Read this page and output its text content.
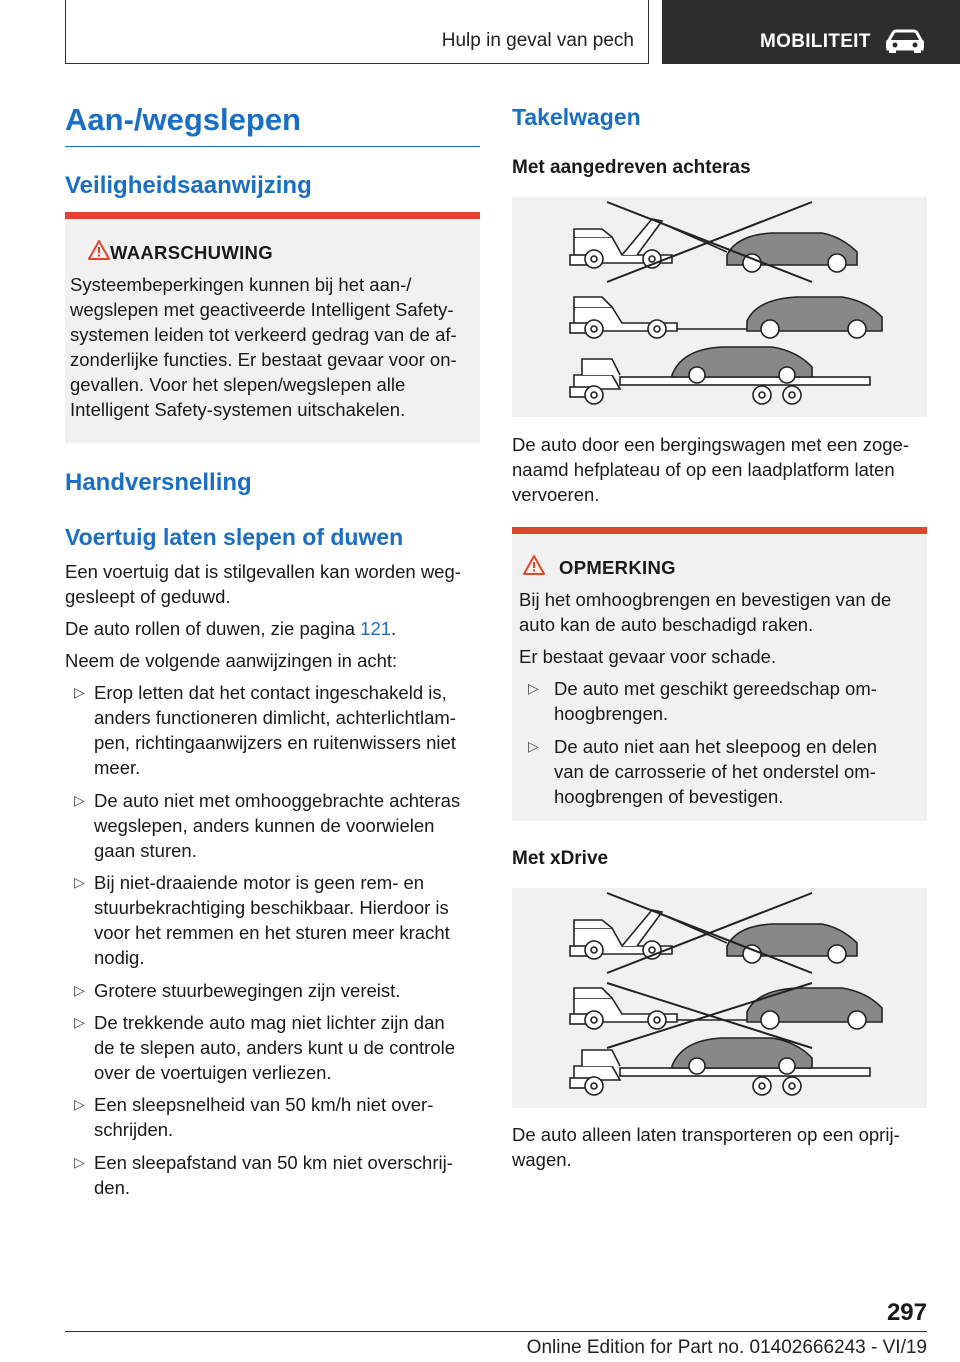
Hulp in geval van pech	MOBILITEIT
Aan-/wegslepen
Veiligheidsaanwijzing
WAARSCHUWING

Systeembeperkingen kunnen bij het aan-/

wegslepen met geactiveerde Intelligent Safety-

systemen leiden tot verkeerd gedrag van de af-

zonderlijke functies. Er bestaat gevaar voor on-

gevallen. Voor het slepen/wegslepen alle

Intelligent Safety-systemen uitschakelen.

Handversnelling
Voertuig laten slepen of duwen

Een voertuig dat is stilgevallen kan worden weg-

gesleept of geduwd.

De auto rollen of duwen, zie pagina 121.

Neem de volgende aanwijzingen in acht:

▷ Erop letten dat het contact ingeschakeld is,

anders functioneren dimlicht, achterlichtlam-

pen, richtingaanwijzers en ruitenwissers niet

meer.

▷ De auto niet met omhooggebrachte achteras

wegslepen, anders kunnen de voorwielen

gaan sturen.

▷ Bij niet-draaiende motor is geen rem- en

stuurbekrachtiging beschikbaar. Hierdoor is

voor het remmen en het sturen meer kracht

nodig.

▷ Grotere stuurbewegingen zijn vereist.

▷ De trekkende auto mag niet lichter zijn dan

de te slepen auto, anders kunt u de controle

over de voertuigen verliezen.

▷ Een sleepsnelheid van 50 km/h niet over-

schrijden.

▷ Een sleepafstand van 50 km niet overschrij-

den.

Takelwagen
Met aangedreven achteras

De auto door een bergingswagen met een zoge-

naamd hefplateau of op een laadplatform laten

vervoeren.

OPMERKING

Bij het omhoogbrengen en bevestigen van de

auto kan de auto beschadigd raken.

Er bestaat gevaar voor schade.

▷ De auto met geschikt gereedschap om-

hoogbrengen.

▷ De auto niet aan het sleepoog en delen

van de carrosserie of het onderstel om-

hoogbrengen of bevestigen.

Met xDrive

De auto alleen laten transporteren op een oprij-

wagen.

297
Online Edition for Part no. 01402666243 - VI/19
